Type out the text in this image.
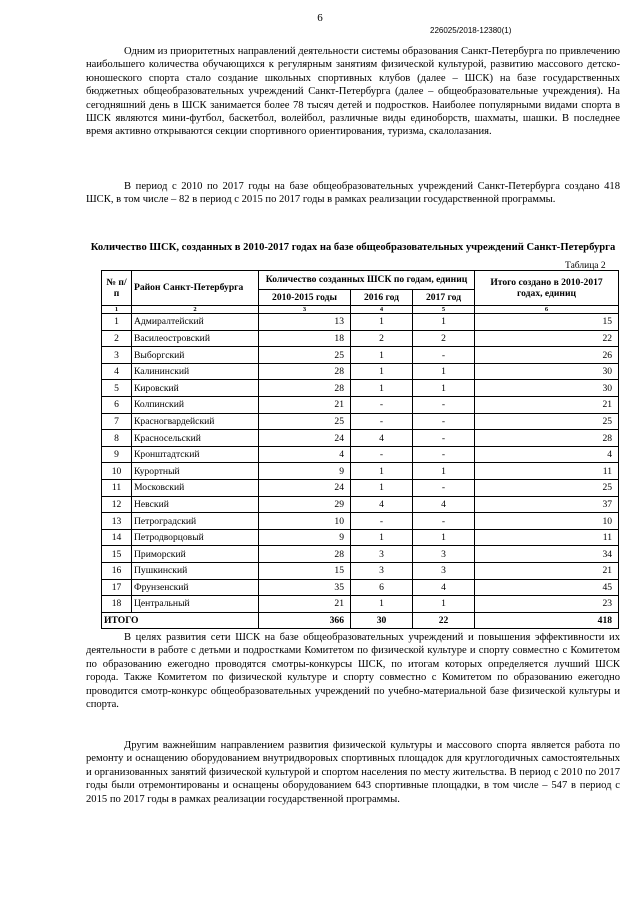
6
226025/2018-12380(1)

Одним из приоритетных направлений деятельности системы образования Санкт-Петербурга по привлечению наибольшего количества обучающихся к регулярным занятиям физической культурой, развитию массового детско-юношеского спорта стало создание школьных спортивных клубов (далее – ШСК) на базе государственных бюджетных общеобразовательных учреждений Санкт-Петербурга (далее – общеобразовательные учреждения). На сегодняшний день в ШСК занимается более 78 тысяч детей и подростков. Наиболее популярными видами спорта в ШСК являются мини-футбол, баскетбол, волейбол, различные виды единоборств, шахматы, шашки. В последнее время активно открываются секции спортивного ориентирования, туризма, скалолазания.

В период с 2010 по 2017 годы на базе общеобразовательных учреждений Санкт-Петербурга создано 418 ШСК, в том числе – 82 в период с 2015 по 2017 годы в рамках реализации государственной программы.

Количество ШСК, созданных в 2010-2017 годах на базе общеобразовательных учреждений Санкт-Петербурга
Таблица 2
№ п/п	Район Санкт-Петербурга	Количество созданных ШСК по годам, единиц			Итого создано в 2010-2017 годах, единиц
		2010-2015 годы	2016 год	2017 год	
1	2	3	4	5	6
1	Адмиралтейский	13	1	1	15
2	Василеостровский	18	2	2	22
3	Выборгский	25	1	-	26
4	Калининский	28	1	1	30
5	Кировский	28	1	1	30
6	Колпинский	21	-	-	21
7	Красногвардейский	25	-	-	25
8	Красносельский	24	4	-	28
9	Кронштадтский	4	-	-	4
10	Курортный	9	1	1	11
11	Московский	24	1	-	25
12	Невский	29	4	4	37
13	Петроградский	10	-	-	10
14	Петродворцовый	9	1	1	11
15	Приморский	28	3	3	34
16	Пушкинский	15	3	3	21
17	Фрунзенский	35	6	4	45
18	Центральный	21	1	1	23
ИТОГО		366	30	22	418

В целях развития сети ШСК на базе общеобразовательных учреждений и повышения эффективности их деятельности в работе с детьми и подростками Комитетом по физической культуре и спорту совместно с Комитетом по образованию ежегодно проводятся смотры-конкурсы ШСК, по итогам которых определяется лучший ШСК города. Также Комитетом по физической культуре и спорту совместно с Комитетом по образованию ежегодно проводится смотр-конкурс общеобразовательных учреждений по учебно-материальной базе физической культуры и спорта.

Другим важнейшим направлением развития физической культуры и массового спорта является работа по ремонту и оснащению оборудованием внутридворовых спортивных площадок для круглогодичных самостоятельных и организованных занятий физической культурой и спортом населения по месту жительства. В период с 2010 по 2017 годы были отремонтированы и оснащены оборудованием 643 спортивные площадки, в том числе – 547 в период с 2015 по 2017 годы в рамках реализации государственной программы.
